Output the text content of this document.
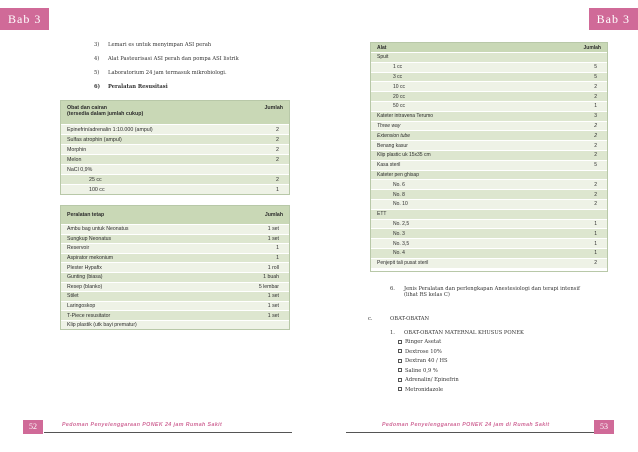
Bab 3	Bab 3
3)	Lemari es untuk menyimpan ASI perah
4)	Alat Pasteurisasi ASI perah dan pompa ASI listrik
5)	Laboratorium 24 jam termasuk mikrobiologi.
6)	Peralatan Resusitasi
Obat dan cairan
(tersedia dalam jumlah cukup)
Jumlah
Epinefrin/adrenalin 1:10.000 (ampul)	2
Sulfas atrophin (ampul)	2
Morphin	2
Melon	2
NaCl 0,9%
25 cc	2
100 cc	1
Peralatan tetap	Jumlah
Ambu bag untuk Neonatus	1 set
Sungkup Neonatus	1 set
Reservoir	1
Aspirator mekonium	1
Plester Hypafix	1 roll
Gunting (biasa)	1 buah
Resep (blanko)	5 lembar
Stilet	1 set
Laringoskop	1 set
T-Piece resusitator	1 set
Klip plastik (utk bayi prematur)
Alat	Jumlah
Spuit
1 cc	5
3 cc	5
10 cc	2
20 cc	2
50 cc	1
Kateter intravena Terumo	3
Three way	2
Extension tube	2
Benang kasur	2
Klip plastic uk 15x35 cm	2
Kasa steril	5
Kateter pen ghisap
No. 6	2
No. 8	2
No. 10	2
ETT
No. 2,5	1
No. 3	1
No. 3,5	1
No. 4	1
Penjepit tali pusat steril	2
6.	Jenis Peralatan dan perlengkapan Anestesiologi dan terapi intensif
(lihat RS kelas C)
c.	OBAT-OBATAN
1.	OBAT-OBATAN MATERNAL KHUSUS PONEK
Ringer Asetat
Dextrose 10%
Dextran 40 / HS
Saline 0,9 %
Adrenalin/ Epinefrin
Metronidazole
52	Pedoman Penyelenggaraan PONEK 24 jam Rumah Sakit	53
Pedoman Penyelenggaraan PONEK 24 jam di Rumah Sakit
